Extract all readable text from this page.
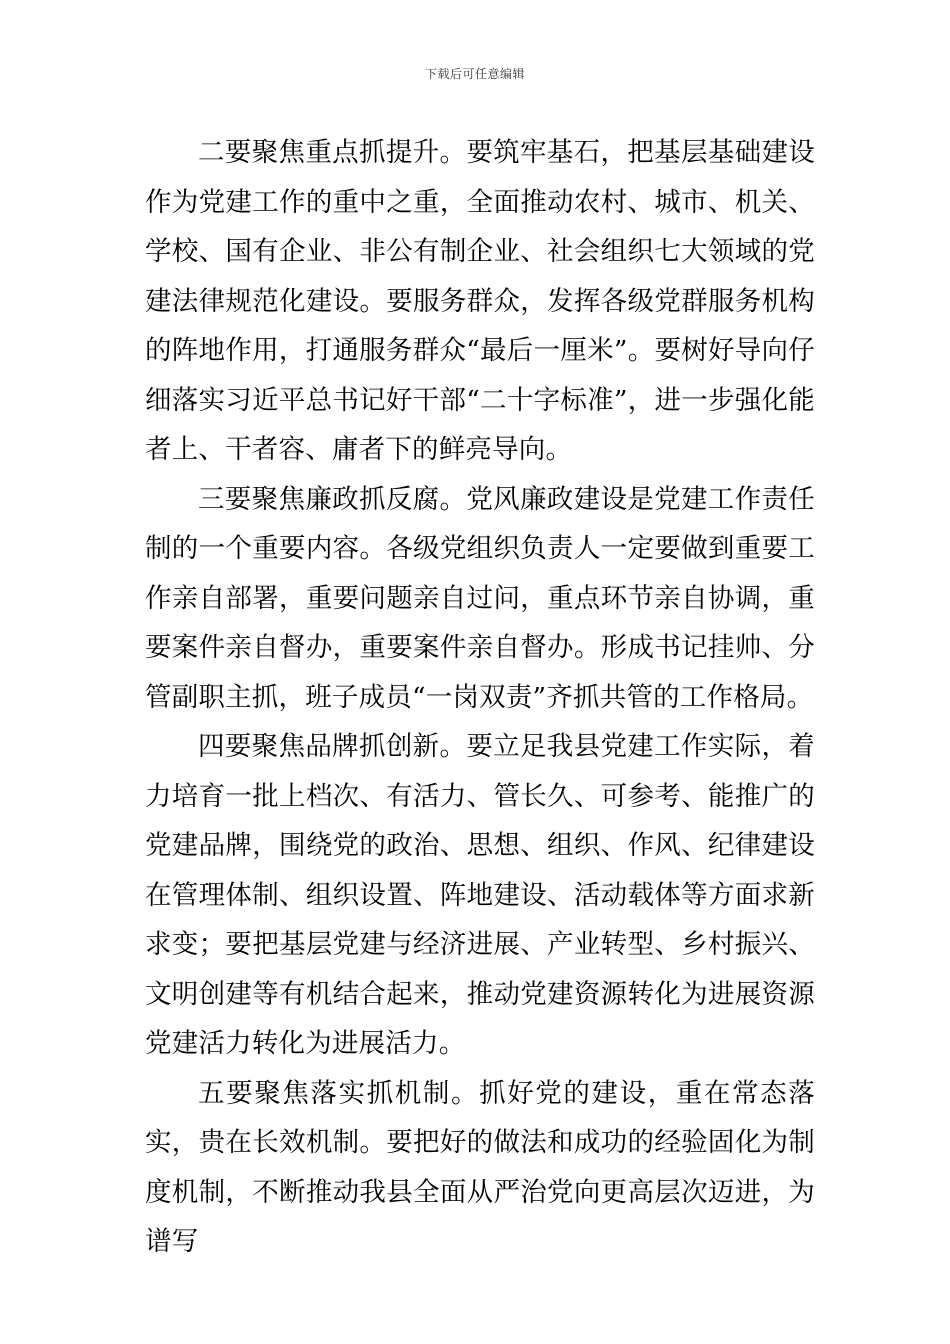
下载后可任意编辑

二要聚焦重点抓提升。要筑牢基石，把基层基础建设作为党建工作的重中之重，全面推动农村、城市、机关、学校、国有企业、非公有制企业、社会组织七大领域的党建法律规范化建设。要服务群众，发挥各级党群服务机构的阵地作用，打通服务群众“最后一厘米”。要树好导向仔细落实习近平总书记好干部“二十字标准”，进一步强化能者上、干者容、庸者下的鲜亮导向。

三要聚焦廉政抓反腐。党风廉政建设是党建工作责任制的一个重要内容。各级党组织负责人一定要做到重要工作亲自部署，重要问题亲自过问，重点环节亲自协调，重要案件亲自督办，重要案件亲自督办。形成书记挂帅、分管副职主抓，班子成员“一岗双责”齐抓共管的工作格局。

四要聚焦品牌抓创新。要立足我县党建工作实际，着力培育一批上档次、有活力、管长久、可参考、能推广的党建品牌，围绕党的政治、思想、组织、作风、纪律建设在管理体制、组织设置、阵地建设、活动载体等方面求新求变；要把基层党建与经济进展、产业转型、乡村振兴、文明创建等有机结合起来，推动党建资源转化为进展资源党建活力转化为进展活力。

五要聚焦落实抓机制。抓好党的建设，重在常态落实，贵在长效机制。要把好的做法和成功的经验固化为制度机制，不断推动我县全面从严治党向更高层次迈进，为谱写
